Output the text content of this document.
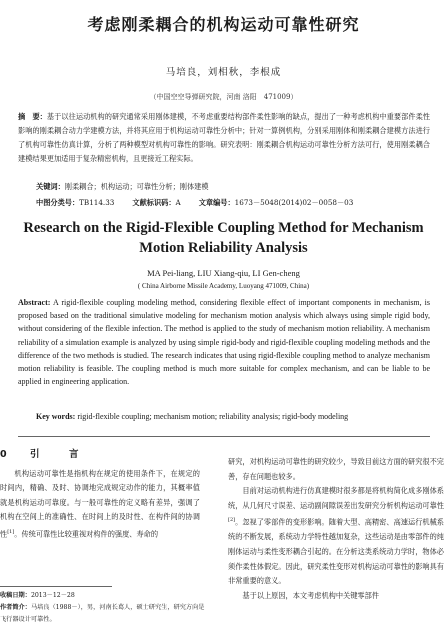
考虑刚柔耦合的机构运动可靠性研究
马培良，刘相秋，李根成
（中国空空导弹研究院，河南 洛阳　471009）
摘　要：基于以往运动机构的研究通常采用刚体建模，不考虑重要结构部件柔性影响的缺点，提出了一种考虑机构中重要部件柔性影响的刚柔耦合动力学建模方法，并将其应用于机构运动可靠性分析中；针对一算例机构，分别采用刚体和刚柔耦合建模方法进行了机构可靠性仿真计算，分析了两种模型对机构可靠性的影响。研究表明：刚柔耦合机构运动可靠性分析方法可行，使用刚柔耦合建模结果更加适用于复杂精密机构，且更接近工程实际。
关键词：刚柔耦合；机构运动；可靠性分析；刚体建模
中图分类号：TB114.33	文献标识码：A	文章编号：1673－5048(2014)02－0058－03
Research on the Rigid-Flexible Coupling Method for Mechanism Motion Reliability Analysis
MA Pei-liang, LIU Xiang-qiu, LI Gen-cheng
( China Airborne Missile Academy, Luoyang 471009, China)
Abstract: A rigid-flexible coupling modeling method, considering flexible effect of important components in mechanism, is proposed based on the traditional simulative modeling for mechanism motion analysis which always using simple rigid body, without considering of the flexible infection. The method is applied to the study of mechanism motion reliability. A mechanism reliability of a simulation example is analyzed by using simple rigid-body and rigid-flexible coupling modeling methods and the difference of the two methods is studied. The research indicates that using rigid-flexible coupling method to analyze mechanism motion reliability is feasible. The coupling method is much more suitable for complex mechanism, and can be liable to be applied in engineering application.
Key words: rigid-flexible coupling; mechanism motion; reliability analysis; rigid-body modeling
0 引　言

机构运动可靠性是指机构在规定的使用条件下，在规定的时间内，精确、及时、协调地完成规定动作的能力，其概率值就是机构运动可靠度。与一般可靠性的定义略有差异，强调了机构在空间上的准确性、在时间上的及时性、在构件间的协调性[1]。传统可靠性比较重视对构件的强度、寿命的

研究，对机构运动可靠性的研究较少，导致目前这方面的研究很不完善，存在问题也较多。

目前对运动机构进行仿真建模时很多都是将机构简化成多刚体系统，从几何尺寸误差、运动副间隙误差出发研究分析机构运动可靠性[2]。忽视了零部件的变形影响。随着大型、高精密、高速运行机械系统的不断发展，系统动力学特性越加复杂，这些运动是由零部件的纯刚体运动与柔性变形耦合引起的。在分析这类系统动力学时，物体必须作柔性体假定。因此，研究柔性变形对机构运动可靠性的影响具有非常重要的意义。

基于以上原因，本文考虑机构中关键零部件

收稿日期：2013－12－28
作者简介：马培良（1988－），男，河南长葛人，硕士研究生，研究方向是飞行器设计可靠性。
